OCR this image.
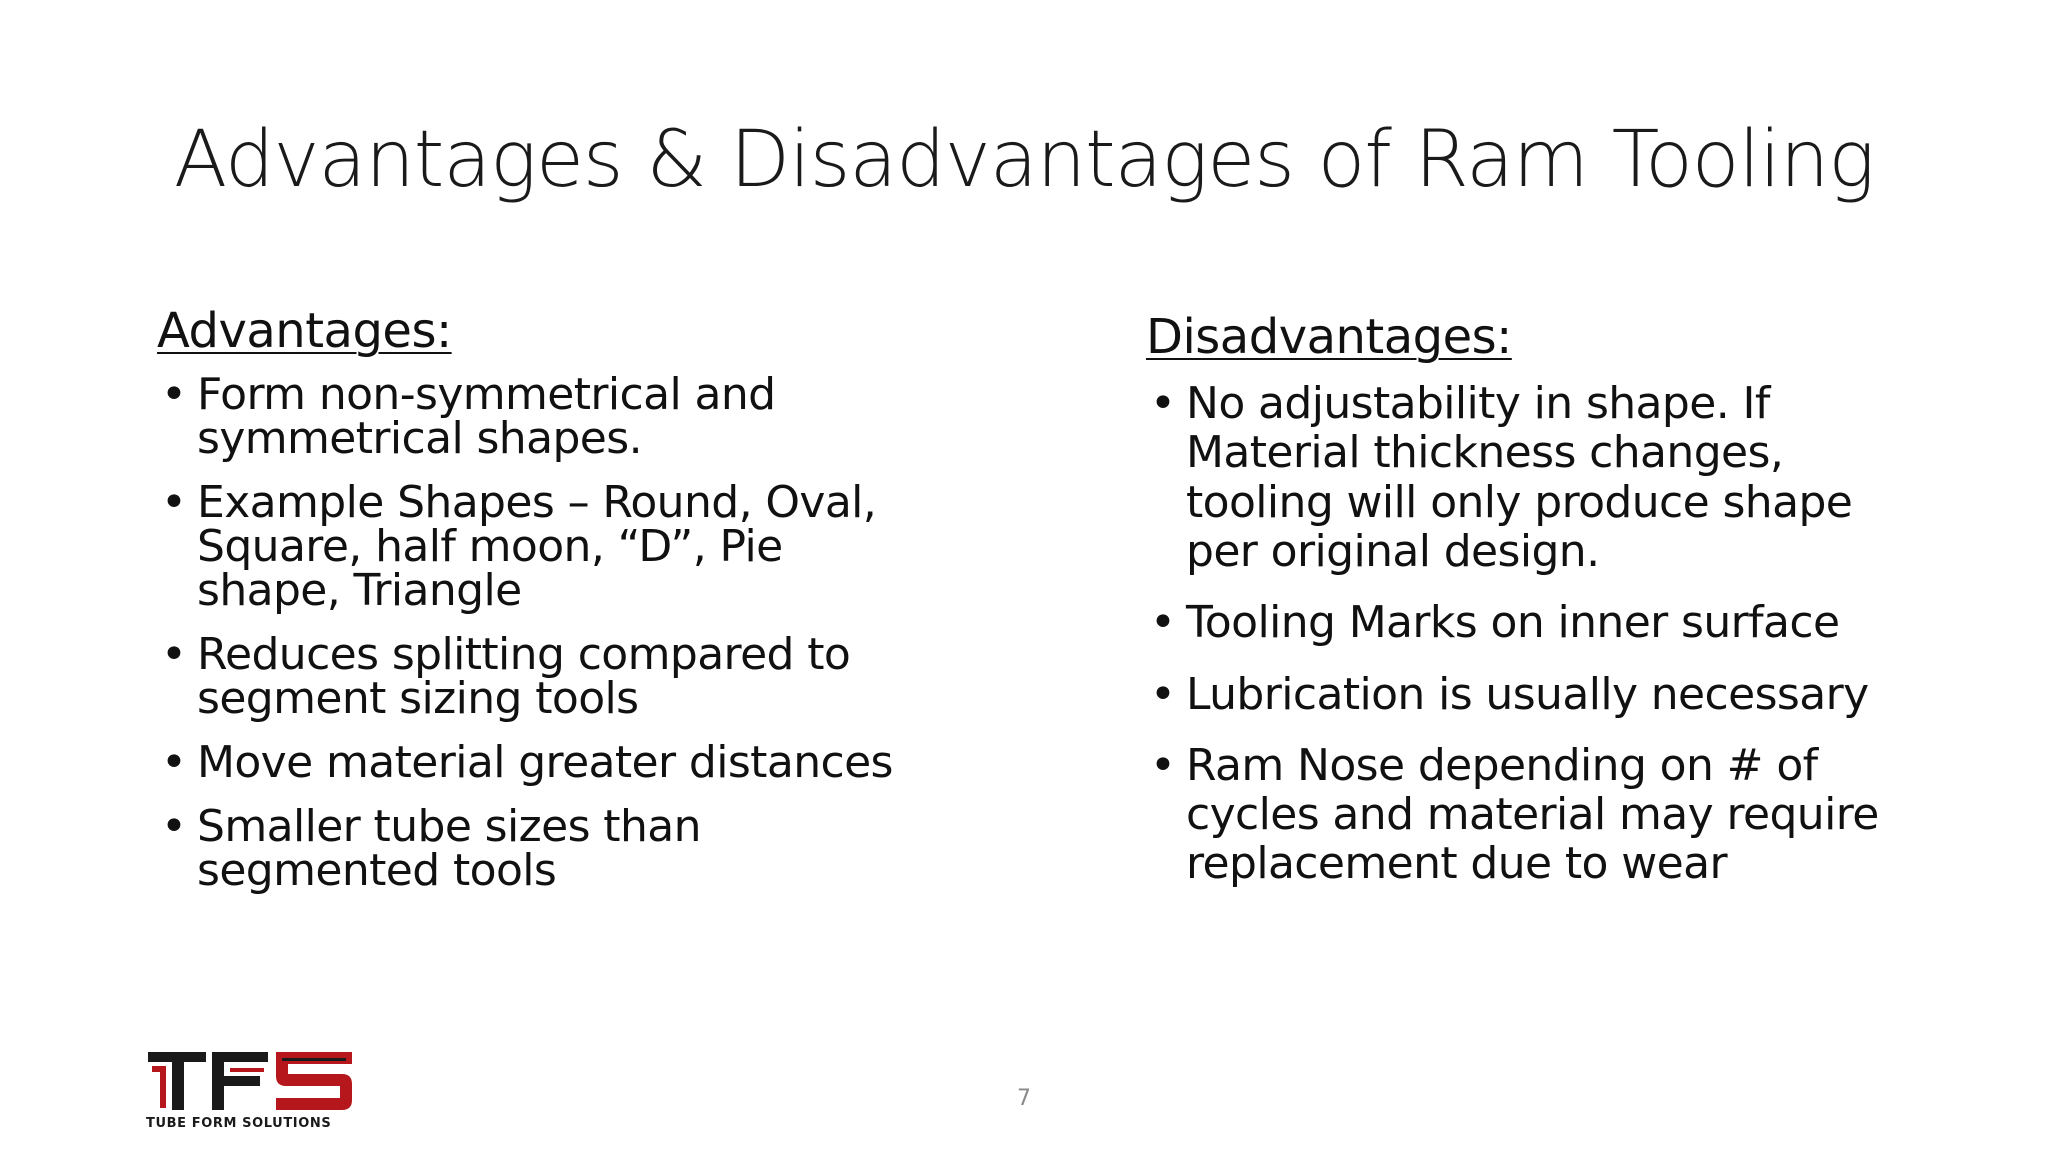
Advantages & Disadvantages of Ram Tooling
Advantages:
• Form non-symmetrical and symmetrical shapes.
• Example Shapes – Round, Oval, Square, half moon, “D”, Pie shape, Triangle
• Reduces splitting compared to segment sizing tools
• Move material greater distances
• Smaller tube sizes than segmented tools
Disadvantages:
• No adjustability in shape. If Material thickness changes, tooling will only produce shape per original design.
• Tooling Marks on inner surface
• Lubrication is usually necessary
• Ram Nose depending on # of cycles and material may require replacement due to wear
TUBE FORM SOLUTIONS
7
